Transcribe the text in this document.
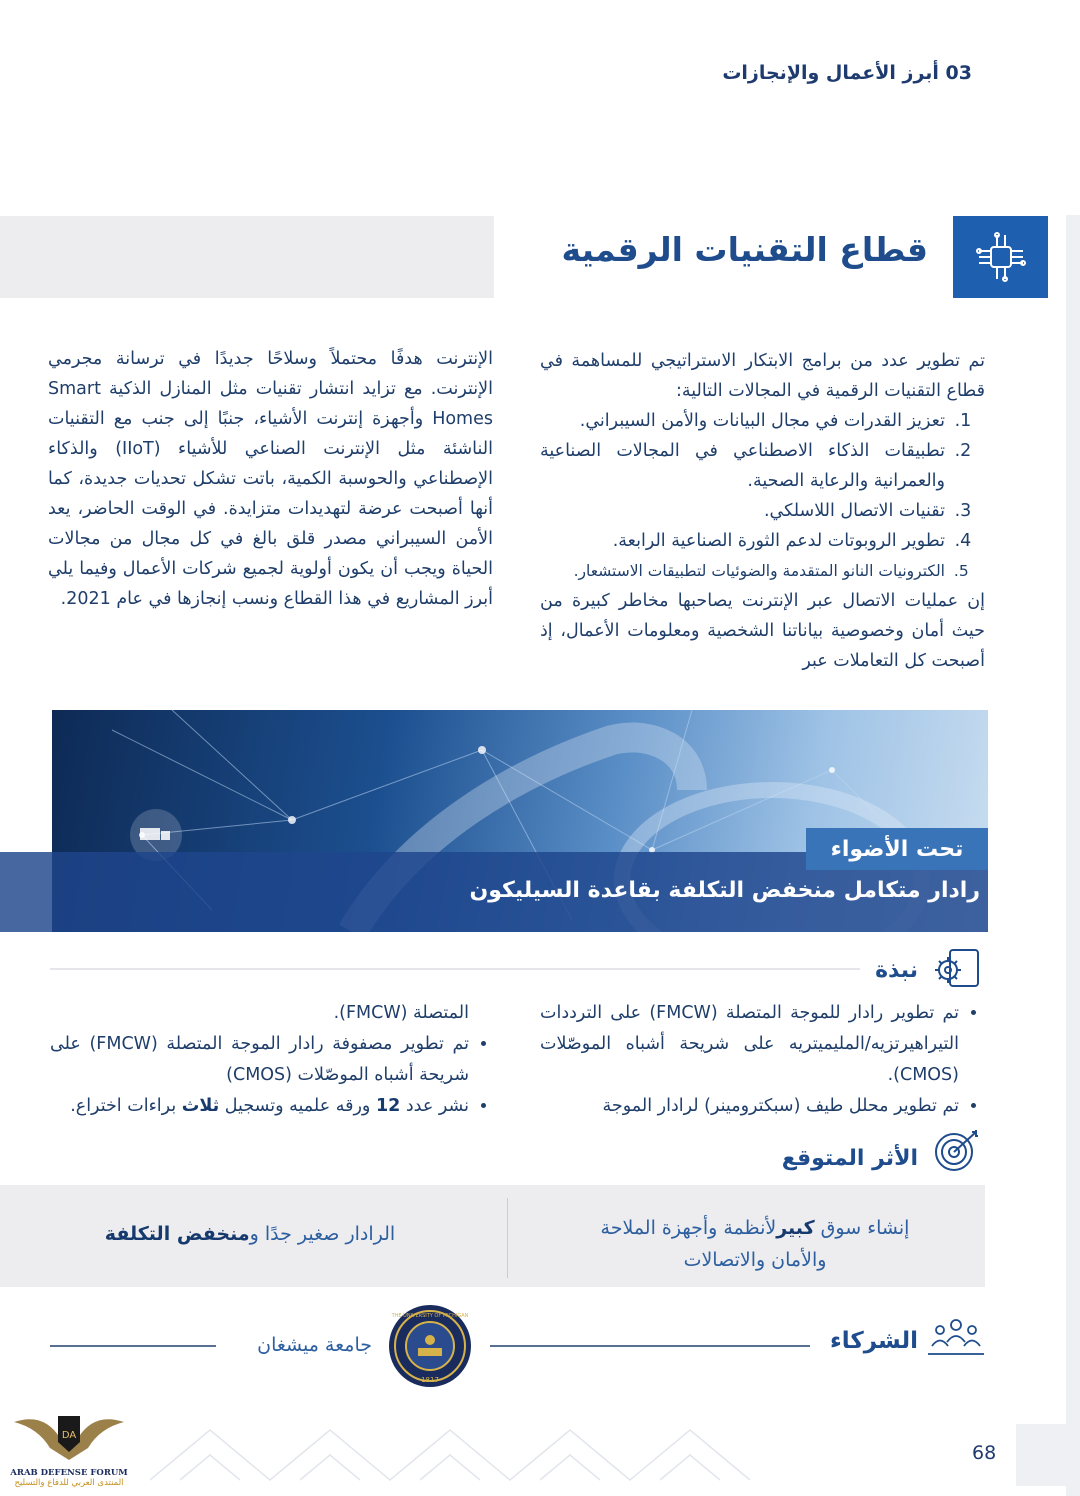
03 أبرز الأعمال والإنجازات
قطاع التقنيات الرقمية

تم تطوير عدد من برامج الابتكار الاستراتيجي للمساهمة في قطاع التقنيات الرقمية في المجالات التالية:

1. تعزيز القدرات في مجال البيانات والأمن السيبراني.
2. تطبيقات الذكاء الاصطناعي في المجالات الصناعية والعمرانية والرعاية الصحية.
3. تقنيات الاتصال اللاسلكي.
4. تطوير الروبوتات لدعم الثورة الصناعية الرابعة.
5. الكترونيات النانو المتقدمة والضوئيات لتطبيقات الاستشعار.

إن عمليات الاتصال عبر الإنترنت يصاحبها مخاطر كبيرة من حيث أمان وخصوصية بياناتنا الشخصية ومعلومات الأعمال، إذ أصبحت كل التعاملات عبر

الإنترنت هدفًا محتملاً وسلاحًا جديدًا في ترسانة مجرمي الإنترنت. مع تزايد انتشار تقنيات مثل المنازل الذكية Smart Homes وأجهزة إنترنت الأشياء، جنبًا إلى جنب مع التقنيات الناشئة مثل الإنترنت الصناعي للأشياء (IIoT) والذكاء الإصطناعي والحوسبة الكمية، باتت تشكل تحديات جديدة، كما أنها أصبحت عرضة لتهديدات متزايدة. في الوقت الحاضر، يعد الأمن السيبراني مصدر قلق بالغ في كل مجال من مجالات الحياة ويجب أن يكون أولوية لجميع شركات الأعمال وفيما يلي أبرز المشاريع في هذا القطاع ونسب إنجازها في عام 2021.

تحت الأضواء
رادار متكامل منخفض التكلفة بقاعدة السيليكون
نبذة
• تم تطوير رادار للموجة المتصلة (FMCW) على الترددات التيراهيرتزيه/المليميتريه على شريحة أشباه الموصّلات (CMOS).
• تم تطوير محلل طيف (سبكترومينر) لرادار الموجة
المتصلة (FMCW).
• تم تطوير مصفوفة رادار الموجة المتصلة (FMCW) على شريحة أشباه الموصّلات (CMOS)
• نشر عدد 12 ورقه علميه وتسجيل ثلاث براءات اختراع.
الأثر المتوقع
إنشاء سوق كبيرلأنظمة وأجهزة الملاحة
والأمان والاتصالات
الرادار صغير جدًا ومنخفض التكلفة
الشركاء
THE UNIVERSITY OF MICHIGAN
1817
جامعة ميشغان
DA
ARAB DEFENSE FORUM
المنتدى العربي للدفاع والتسليح
68
